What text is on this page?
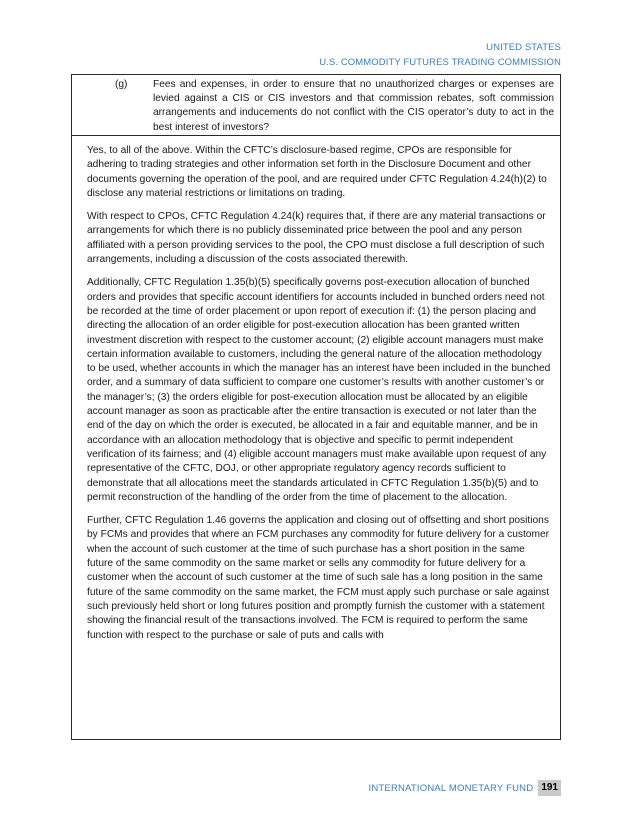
UNITED STATES
U.S. COMMODITY FUTURES TRADING COMMISSION
(g)	Fees and expenses, in order to ensure that no unauthorized charges or expenses are levied against a CIS or CIS investors and that commission rebates, soft commission arrangements and inducements do not conflict with the CIS operator’s duty to act in the best interest of investors?

Yes, to all of the above. Within the CFTC’s disclosure-based regime, CPOs are responsible for adhering to trading strategies and other information set forth in the Disclosure Document and other documents governing the operation of the pool, and are required under CFTC Regulation 4.24(h)(2) to disclose any material restrictions or limitations on trading.

With respect to CPOs, CFTC Regulation 4.24(k) requires that, if there are any material transactions or arrangements for which there is no publicly disseminated price between the pool and any person affiliated with a person providing services to the pool, the CPO must disclose a full description of such arrangements, including a discussion of the costs associated therewith.

Additionally, CFTC Regulation 1.35(b)(5) specifically governs post-execution allocation of bunched orders and provides that specific account identifiers for accounts included in bunched orders need not be recorded at the time of order placement or upon report of execution if: (1) the person placing and directing the allocation of an order eligible for post-execution allocation has been granted written investment discretion with respect to the customer account; (2) eligible account managers must make certain information available to customers, including the general nature of the allocation methodology to be used, whether accounts in which the manager has an interest have been included in the bunched order, and a summary of data sufficient to compare one customer’s results with another customer’s or the manager’s; (3) the orders eligible for post-execution allocation must be allocated by an eligible account manager as soon as practicable after the entire transaction is executed or not later than the end of the day on which the order is executed, be allocated in a fair and equitable manner, and be in accordance with an allocation methodology that is objective and specific to permit independent verification of its fairness; and (4) eligible account managers must make available upon request of any representative of the CFTC, DOJ, or other appropriate regulatory agency records sufficient to demonstrate that all allocations meet the standards articulated in CFTC Regulation 1.35(b)(5) and to permit reconstruction of the handling of the order from the time of placement to the allocation.

Further, CFTC Regulation 1.46 governs the application and closing out of offsetting and short positions by FCMs and provides that where an FCM purchases any commodity for future delivery for a customer when the account of such customer at the time of such purchase has a short position in the same future of the same commodity on the same market or sells any commodity for future delivery for a customer when the account of such customer at the time of such sale has a long position in the same future of the same commodity on the same market, the FCM must apply such purchase or sale against such previously held short or long futures position and promptly furnish the customer with a statement showing the financial result of the transactions involved. The FCM is required to perform the same function with respect to the purchase or sale of puts and calls with

INTERNATIONAL MONETARY FUND 191
